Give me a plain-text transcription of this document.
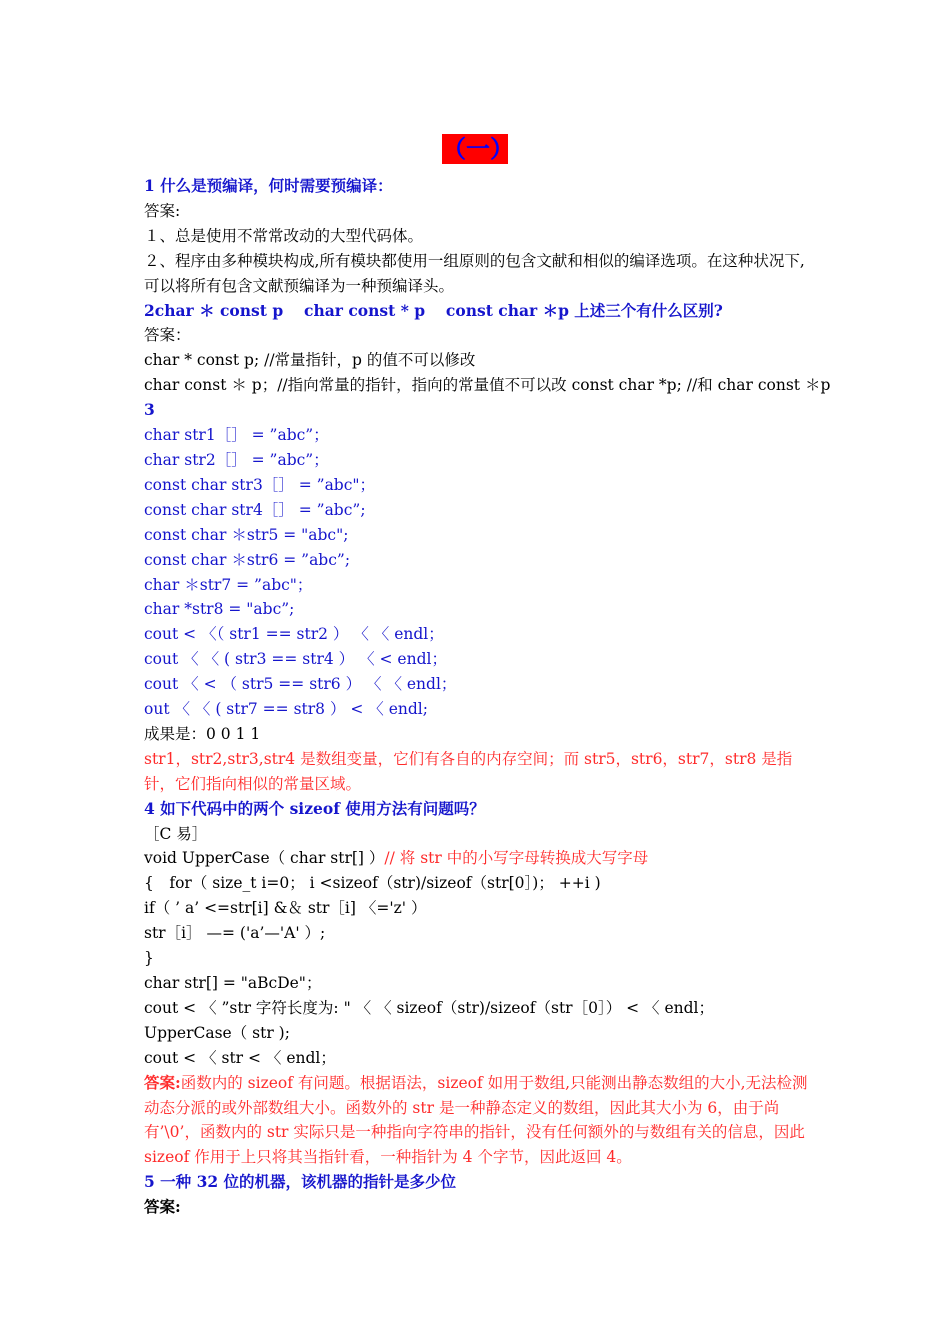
（一）
1 什么是预编译，何时需要预编译：
答案:
１、总是使用不常常改动的大型代码体。
２、程序由多种模块构成,所有模块都使用一组原则的包含文献和相似的编译选项。在这种状况下,可以将所有包含文献预编译为一种预编译头。
2char ＊ const p　 char const * p　 const char ＊p 上述三个有什么区别?
答案：
char * const p; //常量指针，p 的值不可以修改
char const ＊ p；//指向常量的指针，指向的常量值不可以改 const char *p; //和 char const ＊p
3
char str1［］ = ”abc”；
char str2［］ = ”abc”；
const char str3［］ = ”abc"；
const char str4［］ = ”abc”;
const char ＊str5 = "abc";
const char ＊str6 = ”abc”;
char ＊str7 = ”abc"；
char *str8 = "abc”;
cout < 〈（ str1 == str2 ） 〈 〈 endl；
cout 〈 〈 ( str3 == str4 ） 〈 < endl；
cout 〈 < （ str5 == str6 ） 〈 〈 endl；
out 〈 〈 ( str7 == str8 ） < 〈 endl;
成果是：0 0 1 1
str1，str2,str3,str4 是数组变量，它们有各自的内存空间；而 str5，str6，str7，str8 是指针，它们指向相似的常量区域。
4 如下代码中的两个 sizeof 使用方法有问题吗？
［C 易］
void UpperCase（ char str[] ）// 将 str 中的小写字母转换成大写字母
{　for（ size_t i=0； i <sizeof（str)/sizeof（str[0］)； ++i )
if（ ’ a’ <=str[i] &＆ str［i] 〈='z' ）
str［i］ —= ('a’—'A' ）;
}
char str[] = "aBcDe"；
cout < 〈 ”str 字符长度为: " 〈 〈 sizeof（str)/sizeof（str［0］） < 〈 endl；
UpperCase（ str );
cout < 〈 str < 〈 endl；
答案:函数内的 sizeof 有问题。根据语法，sizeof 如用于数组,只能测出静态数组的大小,无法检测动态分派的或外部数组大小。函数外的 str 是一种静态定义的数组，因此其大小为 6，由于尚有’\0’，函数内的 str 实际只是一种指向字符串的指针，没有任何额外的与数组有关的信息，因此 sizeof 作用于上只将其当指针看，一种指针为 4 个字节，因此返回 4。
5 一种 32 位的机器，该机器的指针是多少位
答案:
